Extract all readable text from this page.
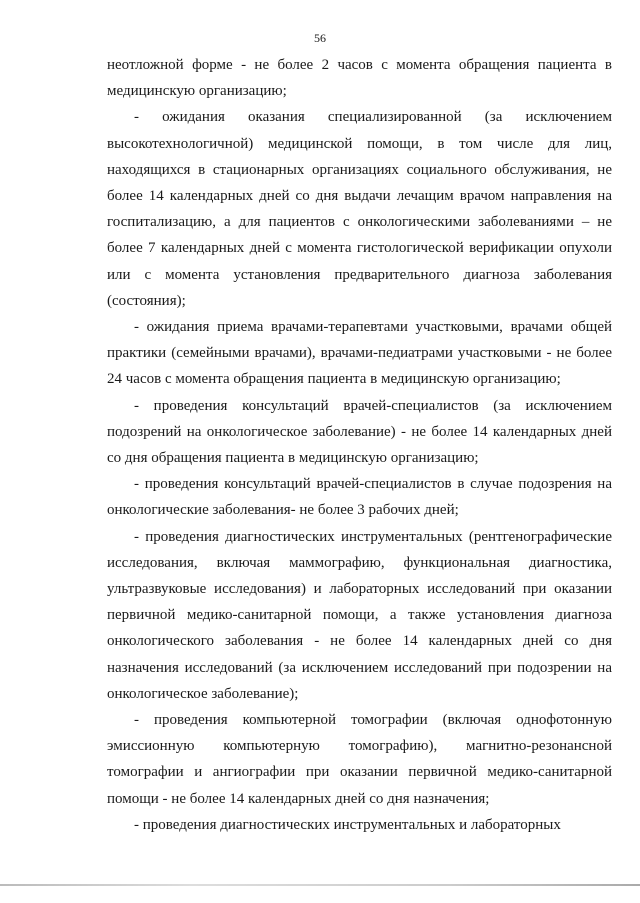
56

неотложной форме - не более 2 часов с момента обращения пациента в медицинскую организацию;

- ожидания оказания специализированной (за исключением высокотехнологичной) медицинской помощи, в том числе для лиц, находящихся в стационарных организациях социального обслуживания, не более 14 календарных дней со дня выдачи лечащим врачом направления на госпитализацию, а для пациентов с онкологическими заболеваниями – не более 7 календарных дней с момента гистологической верификации опухоли или с момента установления предварительного диагноза заболевания (состояния);

- ожидания приема врачами-терапевтами участковыми, врачами общей практики (семейными врачами), врачами-педиатрами участковыми - не более 24 часов с момента обращения пациента в медицинскую организацию;

- проведения консультаций врачей-специалистов (за исключением подозрений на онкологическое заболевание) - не более 14 календарных дней со дня обращения пациента в медицинскую организацию;

- проведения консультаций врачей-специалистов в случае подозрения на онкологические заболевания- не более 3 рабочих дней;

- проведения диагностических инструментальных (рентгенографические исследования, включая маммографию, функциональная диагностика, ультразвуковые исследования) и лабораторных исследований при оказании первичной медико-санитарной помощи, а также установления диагноза онкологического заболевания - не более 14 календарных дней со дня назначения исследований (за исключением исследований при подозрении на онкологическое заболевание);

- проведения компьютерной томографии (включая однофотонную эмиссионную компьютерную томографию), магнитно-резонансной томографии и ангиографии при оказании первичной медико-санитарной помощи - не более 14 календарных дней со дня назначения;

- проведения диагностических инструментальных и лабораторных
